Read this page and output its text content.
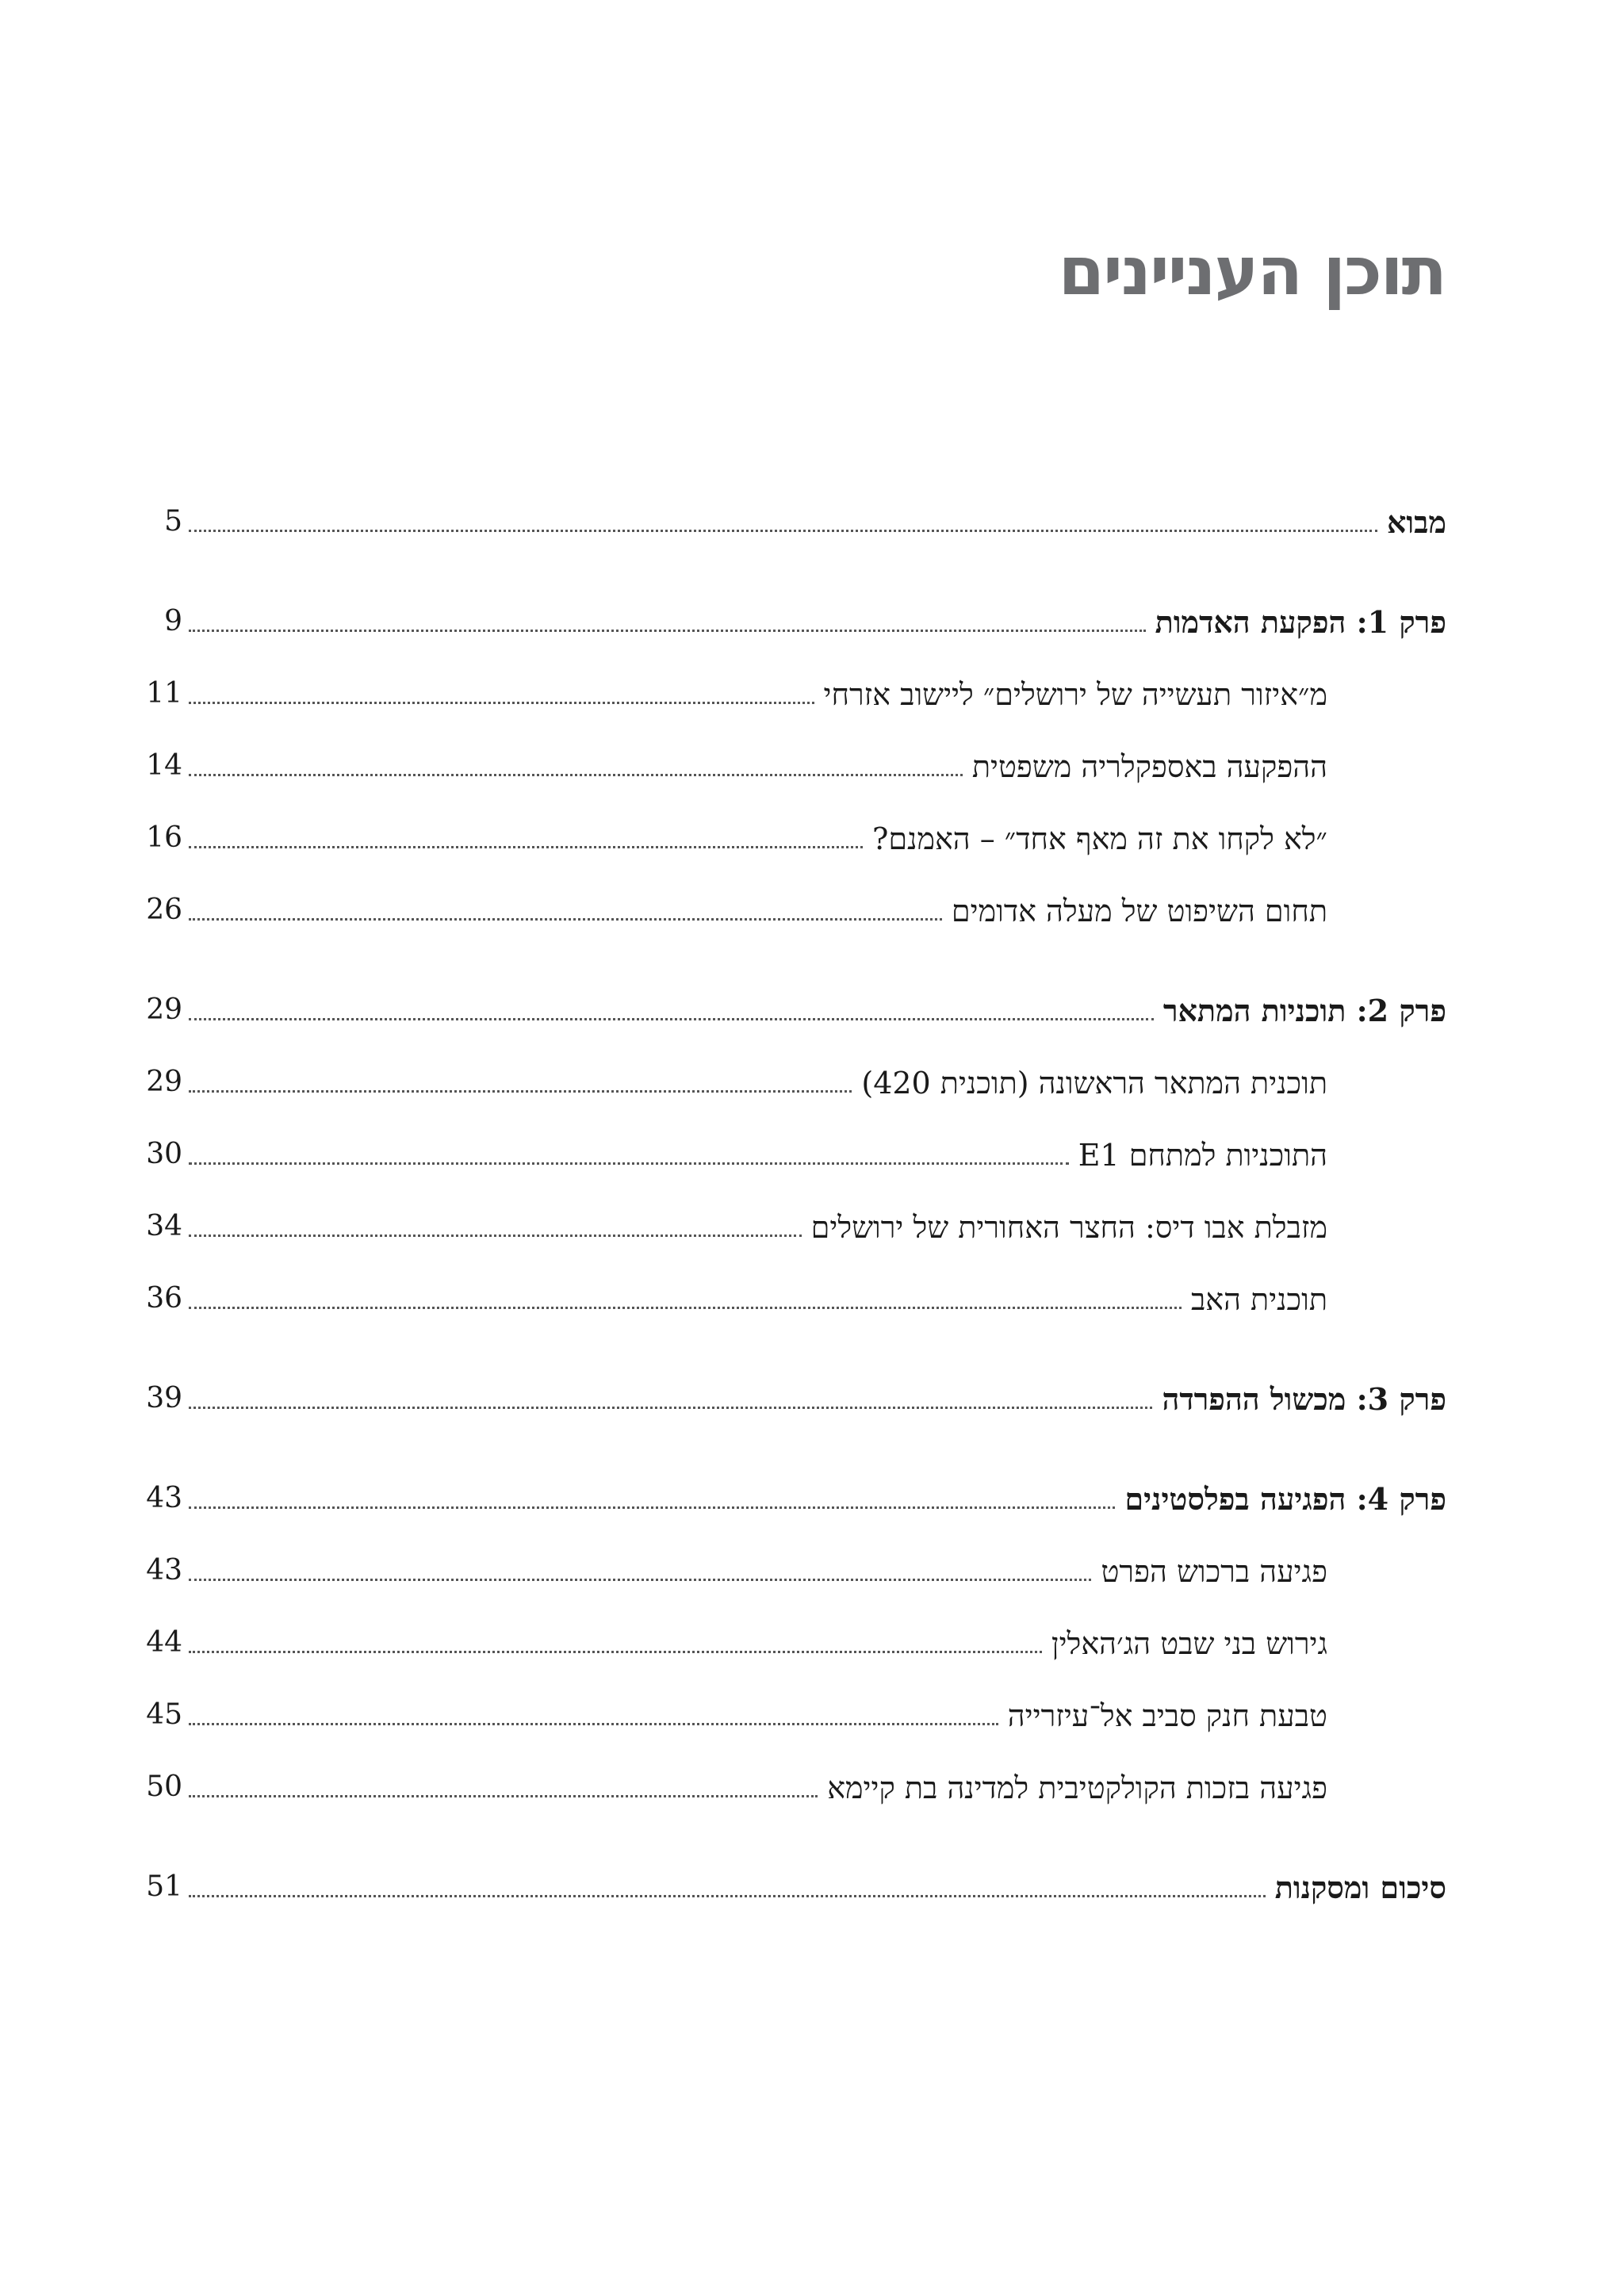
תוכן העניינים
מבוא
5
פרק 1: הפקעת האדמות
9
מ״איזור תעשייה של ירושלים״ ליישוב אזרחי
11
ההפקעה באספקלריה משפטית
14
״לא לקחו את זה מאף אחד״ – האמנם?
16
תחום השיפוט של מעלה אדומים
26
פרק 2: תוכניות המתאר
29
תוכנית המתאר הראשונה (תוכנית 420)
29
התוכניות למתחם E1
30
מזבלת אבו דיס: החצר האחורית של ירושלים
34
תוכנית האב
36
פרק 3: מכשול ההפרדה
39
פרק 4: הפגיעה בפלסטינים
43
פגיעה ברכוש הפרט
43
גירוש בני שבט הג׳האלין
44
טבעת חנק סביב אל־עיזרייה
45
פגיעה בזכות הקולקטיבית למדינה בת קיימא
50
סיכום ומסקנות
51
